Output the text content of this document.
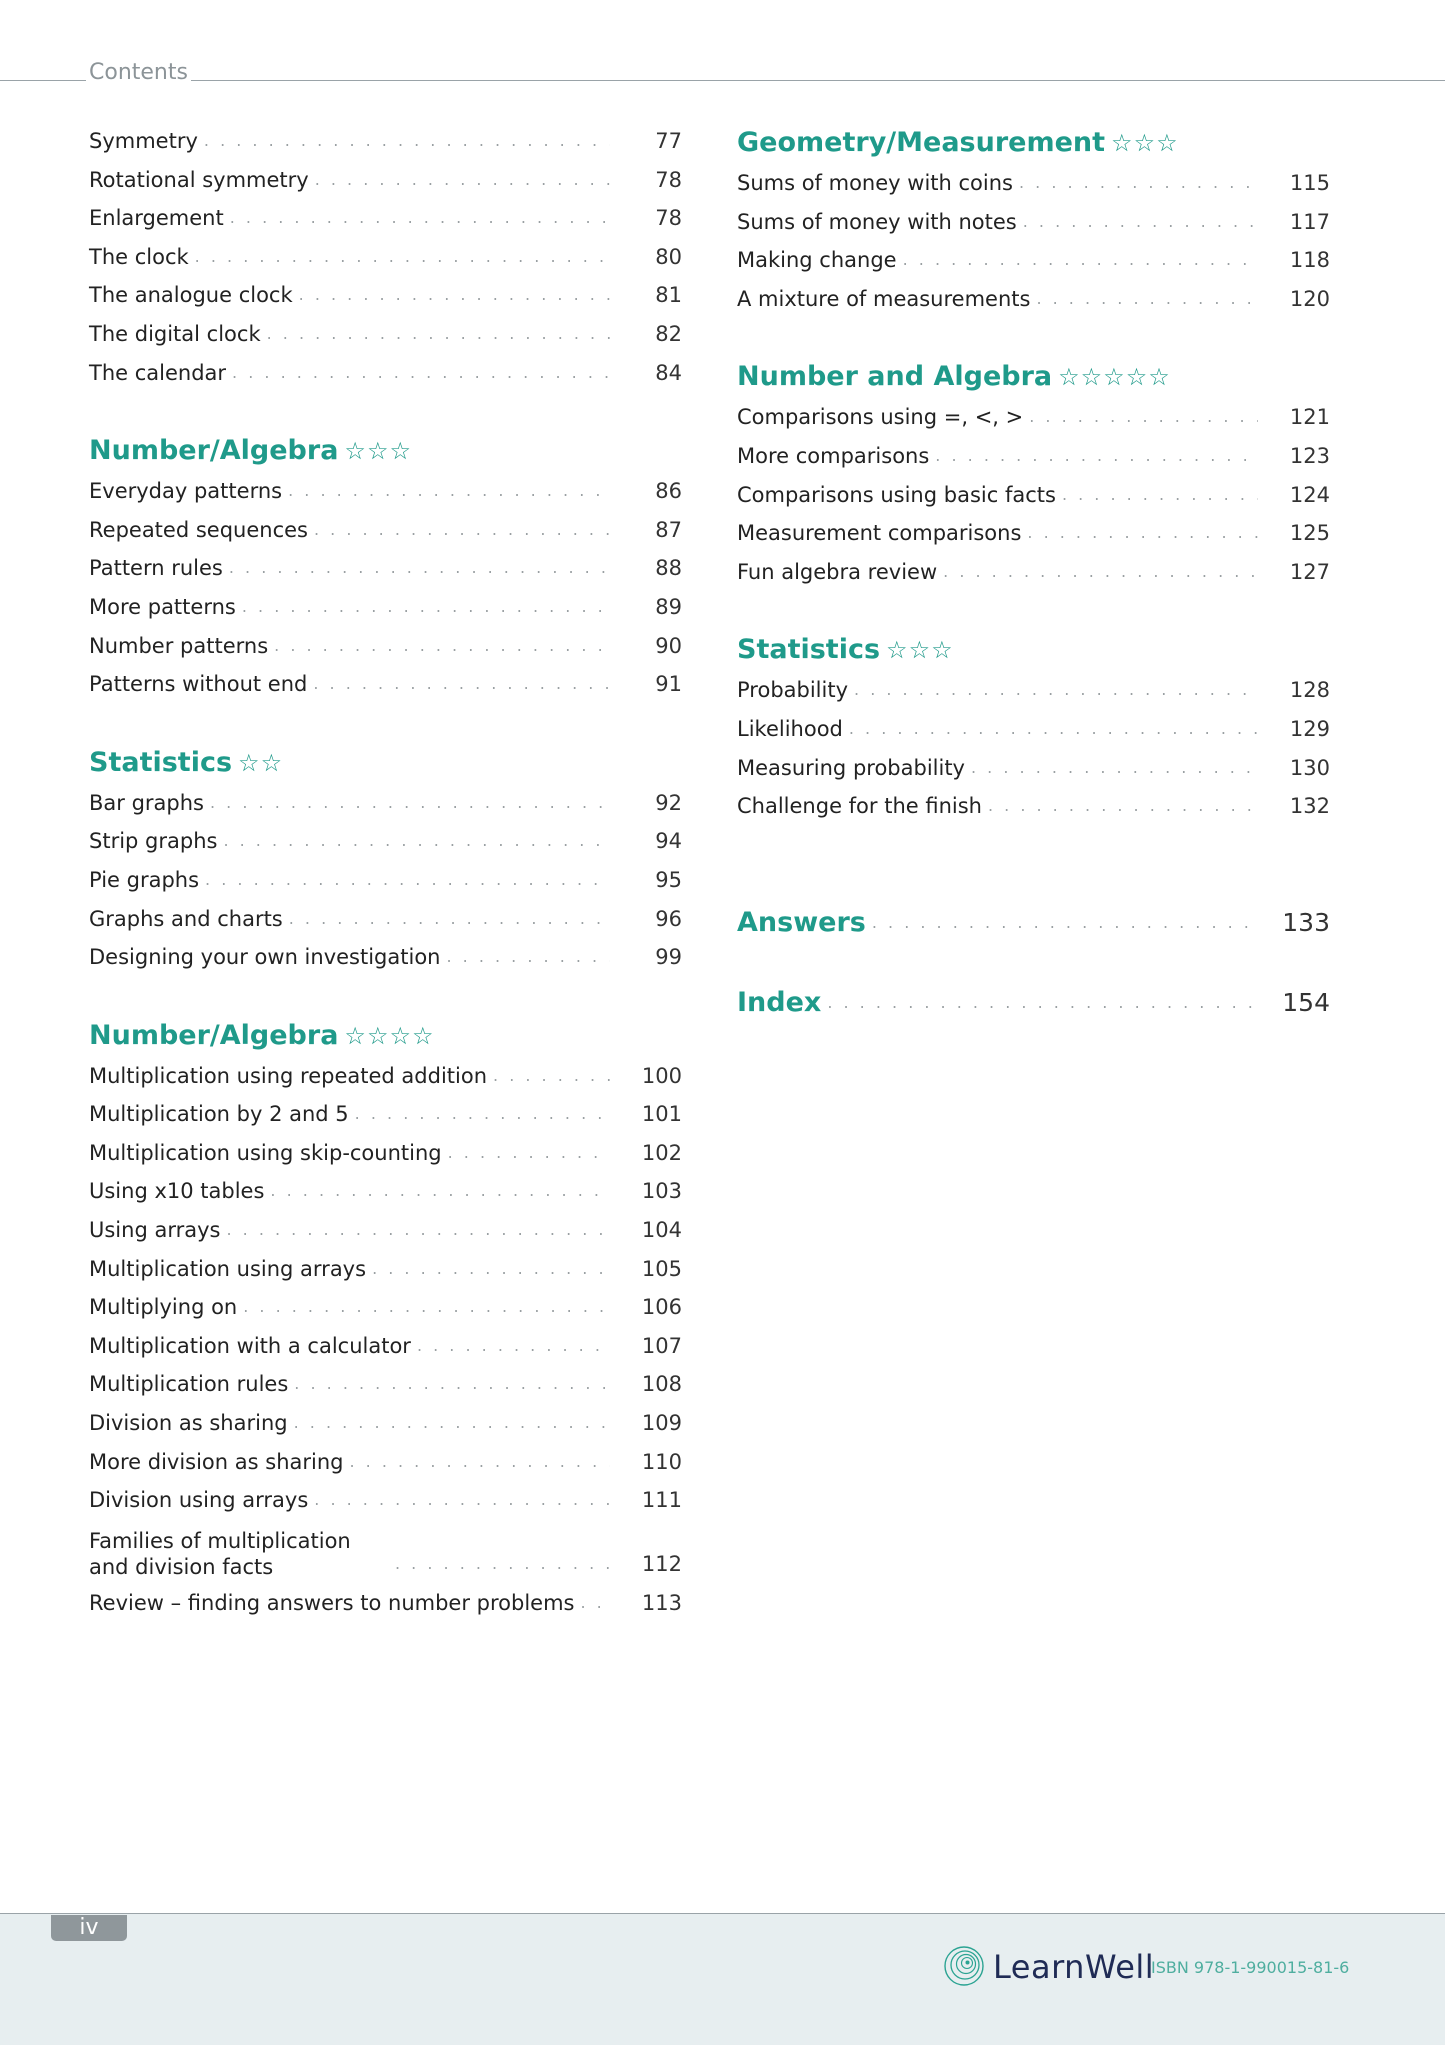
Contents
Symmetry . . .	77
Rotational symmetry . . .	78
Enlargement . . .	78
The clock . . .	80
The analogue clock . . .	81
The digital clock . . .	82
The calendar . . .	84
Number/Algebra ☆☆☆
Everyday patterns . . .	86
Repeated sequences . . .	87
Pattern rules . . .	88
More patterns . . .	89
Number patterns . . .	90
Patterns without end . . .	91
Statistics ☆☆
Bar graphs . . .	92
Strip graphs . . .	94
Pie graphs . . .	95
Graphs and charts . . .	96
Designing your own investigation . . .	99
Number/Algebra ☆☆☆☆
Multiplication using repeated addition . . .	100
Multiplication by 2 and 5 . . .	101
Multiplication using skip-counting . . .	102
Using x10 tables . . .	103
Using arrays . . .	104
Multiplication using arrays . . .	105
Multiplying on . . .	106
Multiplication with a calculator . . .	107
Multiplication rules . . .	108
Division as sharing . . .	109
More division as sharing . . .	110
Division using arrays . . .	111
Families of multiplication and division facts . . .	112
Review – finding answers to number problems . . .	113
Geometry/Measurement ☆☆☆
Sums of money with coins . . .	115
Sums of money with notes . . .	117
Making change . . .	118
A mixture of measurements . . .	120
Number and Algebra ☆☆☆☆☆
Comparisons using =, <, > . . .	121
More comparisons . . .	123
Comparisons using basic facts . . .	124
Measurement comparisons . . .	125
Fun algebra review . . .	127
Statistics ☆☆☆
Probability . . .	128
Likelihood . . .	129
Measuring probability . . .	130
Challenge for the finish . . .	132
Answers . . .	133
Index . . .	154
iv
LearnWell
ISBN 978-1-990015-81-6
